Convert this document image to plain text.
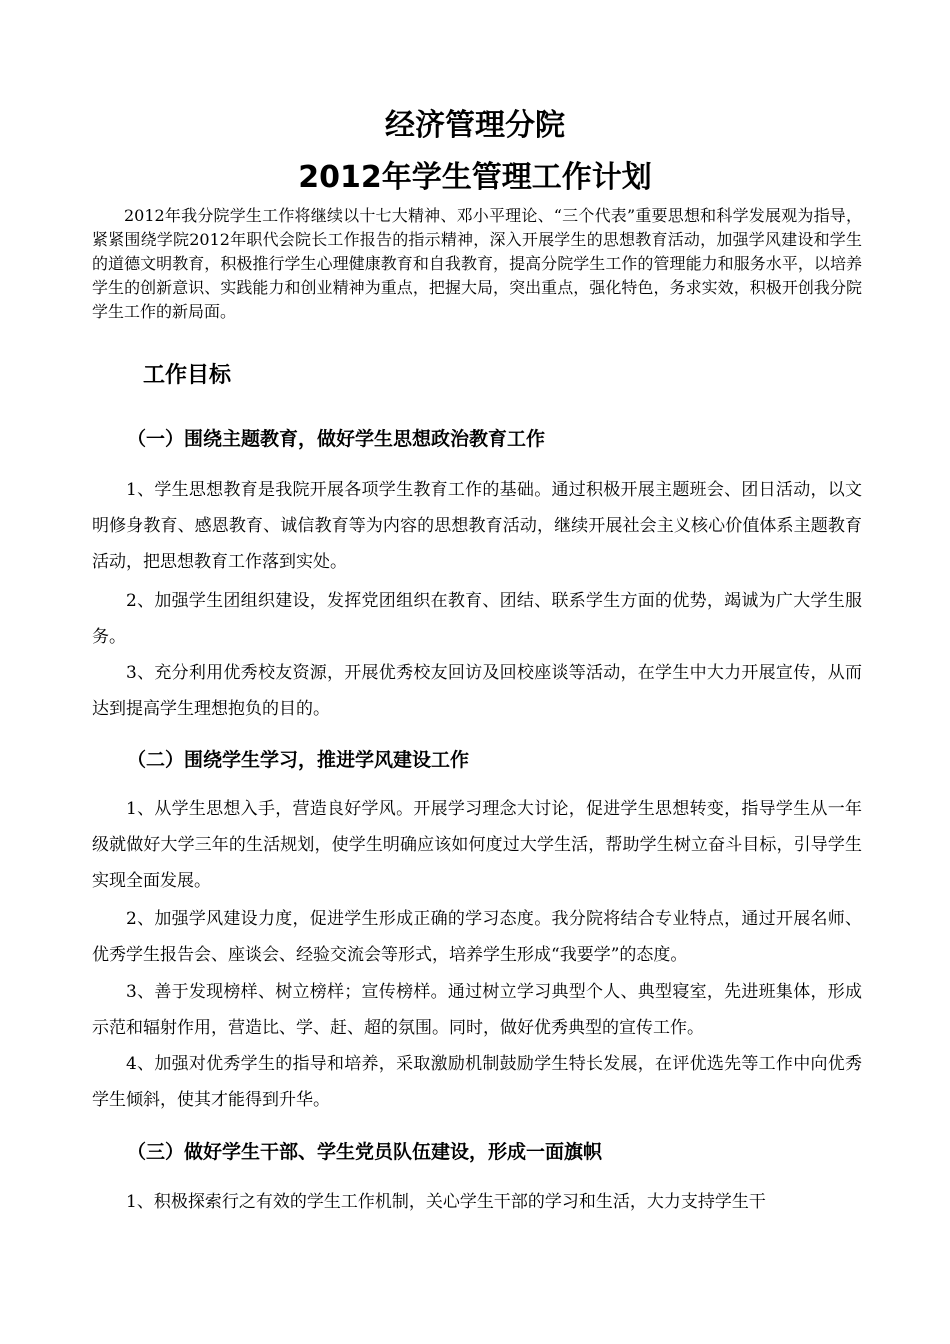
经济管理分院
2012年学生管理工作计划

2012年我分院学生工作将继续以十七大精神、邓小平理论、“三个代表”重要思想和科学发展观为指导，紧紧围绕学院2012年职代会院长工作报告的指示精神，深入开展学生的思想教育活动，加强学风建设和学生的道德文明教育，积极推行学生心理健康教育和自我教育，提高分院学生工作的管理能力和服务水平，以培养学生的创新意识、实践能力和创业精神为重点，把握大局，突出重点，强化特色，务求实效，积极开创我分院学生工作的新局面。

工作目标
（一）围绕主题教育，做好学生思想政治教育工作

1、学生思想教育是我院开展各项学生教育工作的基础。通过积极开展主题班会、团日活动，以文明修身教育、感恩教育、诚信教育等为内容的思想教育活动，继续开展社会主义核心价值体系主题教育活动，把思想教育工作落到实处。

2、加强学生团组织建设，发挥党团组织在教育、团结、联系学生方面的优势，竭诚为广大学生服务。

3、充分利用优秀校友资源，开展优秀校友回访及回校座谈等活动，在学生中大力开展宣传，从而达到提高学生理想抱负的目的。

（二）围绕学生学习，推进学风建设工作

1、从学生思想入手，营造良好学风。开展学习理念大讨论，促进学生思想转变，指导学生从一年级就做好大学三年的生活规划，使学生明确应该如何度过大学生活，帮助学生树立奋斗目标，引导学生实现全面发展。

2、加强学风建设力度，促进学生形成正确的学习态度。我分院将结合专业特点，通过开展名师、优秀学生报告会、座谈会、经验交流会等形式，培养学生形成“我要学”的态度。

3、善于发现榜样、树立榜样；宣传榜样。通过树立学习典型个人、典型寝室，先进班集体，形成示范和辐射作用，营造比、学、赶、超的氛围。同时，做好优秀典型的宣传工作。

4、加强对优秀学生的指导和培养，采取激励机制鼓励学生特长发展，在评优选先等工作中向优秀学生倾斜，使其才能得到升华。

（三）做好学生干部、学生党员队伍建设，形成一面旗帜

1、积极探索行之有效的学生工作机制，关心学生干部的学习和生活，大力支持学生干
